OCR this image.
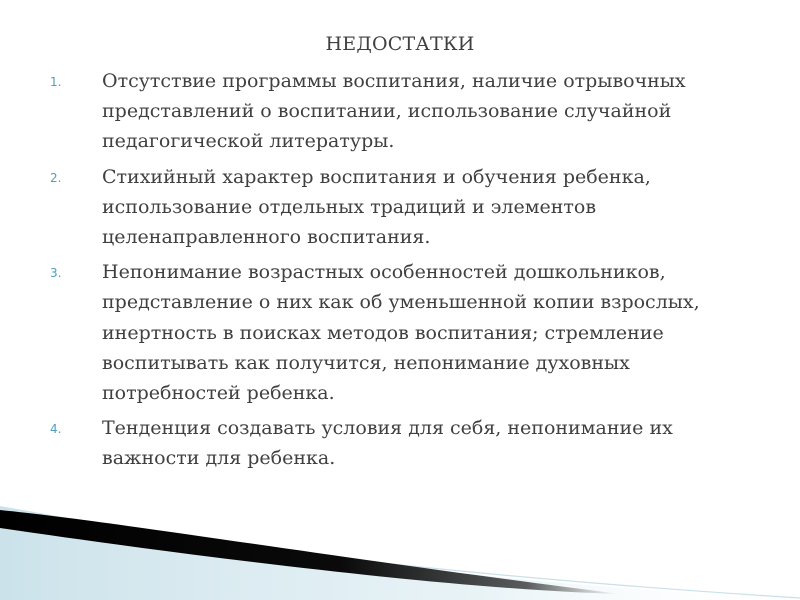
НЕДОСТАТКИ
1. Отсутствие программы воспитания, наличие отрывочных представлений о воспитании, использование случайной педагогической литературы.
2. Стихийный характер воспитания и обучения ребенка, использование отдельных традиций и элементов целенаправленного воспитания.
3. Непонимание возрастных особенностей дошкольников, представление о них как об уменьшенной копии взрослых, инертность в поисках методов воспитания; стремление воспитывать как получится, непонимание духовных потребностей ребенка.
4. Тенденция создавать условия для себя, непонимание их важности для ребенка.
